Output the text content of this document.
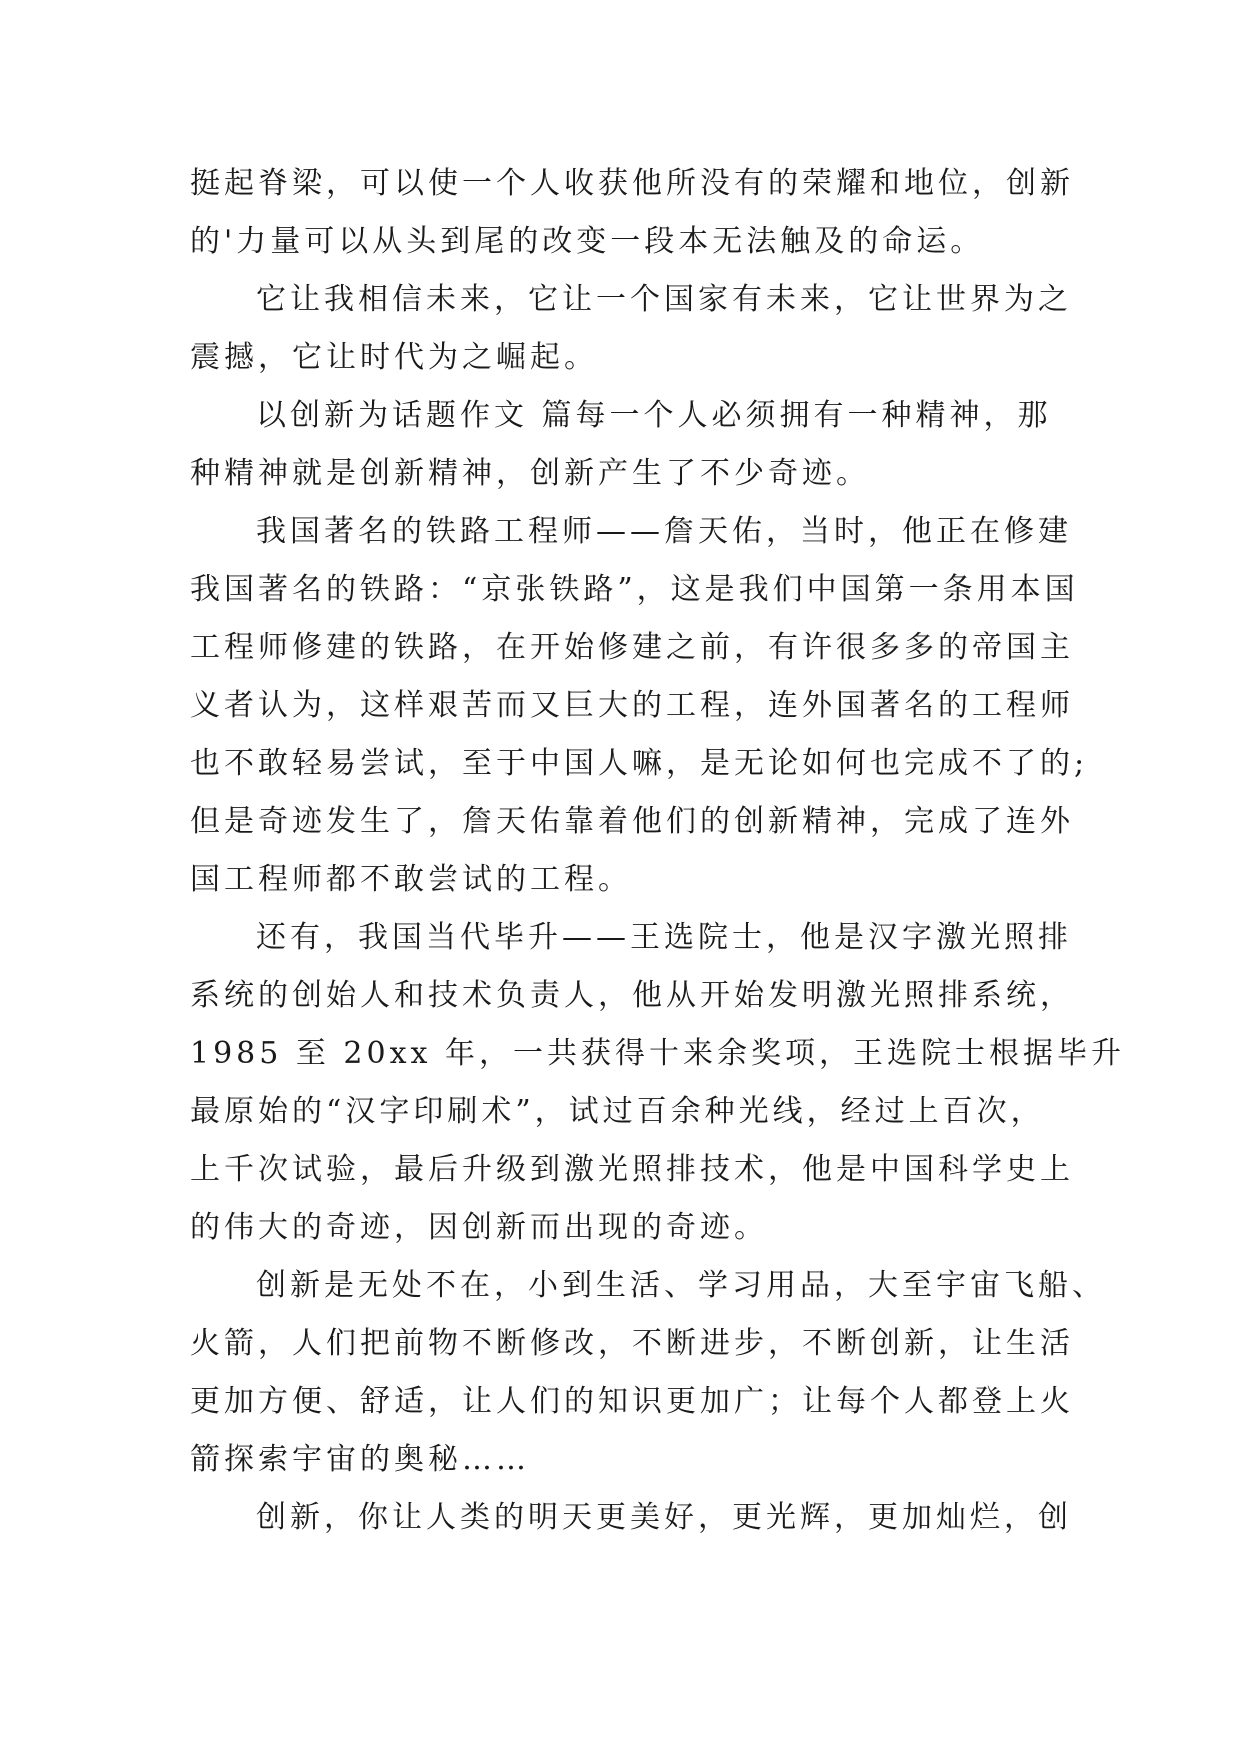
挺起脊梁，可以使一个人收获他所没有的荣耀和地位，创新
的'力量可以从头到尾的改变一段本无法触及的命运。
它让我相信未来，它让一个国家有未来，它让世界为之
震撼，它让时代为之崛起。
以创新为话题作文 篇每一个人必须拥有一种精神，那
种精神就是创新精神，创新产生了不少奇迹。
我国著名的铁路工程师——詹天佑，当时，他正在修建
我国著名的铁路：“京张铁路”，这是我们中国第一条用本国
工程师修建的铁路，在开始修建之前，有许很多多的帝国主
义者认为，这样艰苦而又巨大的工程，连外国著名的工程师
也不敢轻易尝试，至于中国人嘛，是无论如何也完成不了的;
但是奇迹发生了，詹天佑靠着他们的创新精神，完成了连外
国工程师都不敢尝试的工程。
还有，我国当代毕升——王选院士，他是汉字激光照排
系统的创始人和技术负责人，他从开始发明激光照排系统，
1985 至 20xx 年，一共获得十来余奖项，王选院士根据毕升
最原始的“汉字印刷术”，试过百余种光线，经过上百次，
上千次试验，最后升级到激光照排技术，他是中国科学史上
的伟大的奇迹，因创新而出现的奇迹。
创新是无处不在，小到生活、学习用品，大至宇宙飞船、
火箭，人们把前物不断修改，不断进步，不断创新，让生活
更加方便、舒适，让人们的知识更加广；让每个人都登上火
箭探索宇宙的奥秘……
创新，你让人类的明天更美好，更光辉，更加灿烂，创
